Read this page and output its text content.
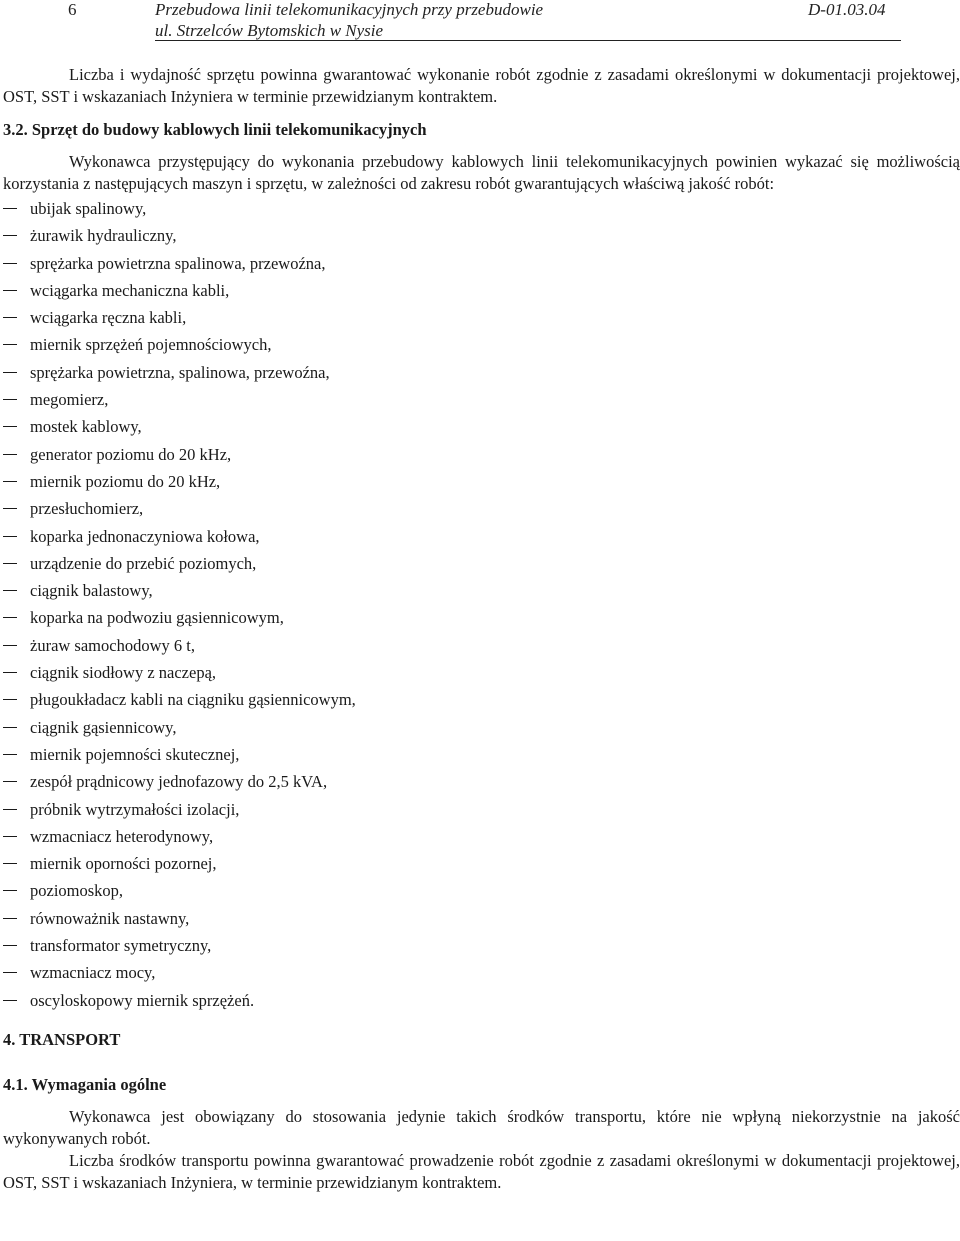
6	Przebudowa linii telekomunikacyjnych przy przebudowie
ul. Strzelców Bytomskich w Nysie
D-01.03.04

Liczba i wydajność sprzętu powinna gwarantować wykonanie robót zgodnie z zasadami określonymi w dokumentacji projektowej, OST, SST i wskazaniach Inżyniera w terminie przewidzianym kontraktem.

3.2. Sprzęt do budowy kablowych linii telekomunikacyjnych

Wykonawca przystępujący do wykonania przebudowy kablowych linii telekomunikacyjnych powinien wykazać się możliwością korzystania z następujących maszyn i sprzętu, w zależności od zakresu robót gwarantujących właściwą jakość robót:

ubijak spalinowy,
żurawik hydrauliczny,
sprężarka powietrzna spalinowa, przewoźna,
wciągarka mechaniczna kabli,
wciągarka ręczna kabli,
miernik sprzężeń pojemnościowych,
sprężarka powietrzna, spalinowa, przewoźna,
megomierz,
mostek kablowy,
generator poziomu do 20 kHz,
miernik poziomu do 20 kHz,
przesłuchomierz,
koparka jednonaczyniowa kołowa,
urządzenie do przebić poziomych,
ciągnik balastowy,
koparka na podwoziu gąsiennicowym,
żuraw samochodowy 6 t,
ciągnik siodłowy z naczepą,
pługoukładacz kabli na ciągniku gąsiennicowym,
ciągnik gąsiennicowy,
miernik pojemności skutecznej,
zespół prądnicowy jednofazowy do 2,5 kVA,
próbnik wytrzymałości izolacji,
wzmacniacz heterodynowy,
miernik oporności pozornej,
poziomoskop,
równoważnik nastawny,
transformator symetryczny,
wzmacniacz mocy,
oscyloskopowy miernik sprzężeń.

4. TRANSPORT

4.1. Wymagania ogólne

Wykonawca jest obowiązany do stosowania jedynie takich środków transportu, które nie wpłyną niekorzystnie na jakość wykonywanych robót.

Liczba środków transportu powinna gwarantować prowadzenie robót zgodnie z zasadami określonymi w dokumentacji projektowej, OST, SST i wskazaniach Inżyniera, w terminie przewidzianym kontraktem.
